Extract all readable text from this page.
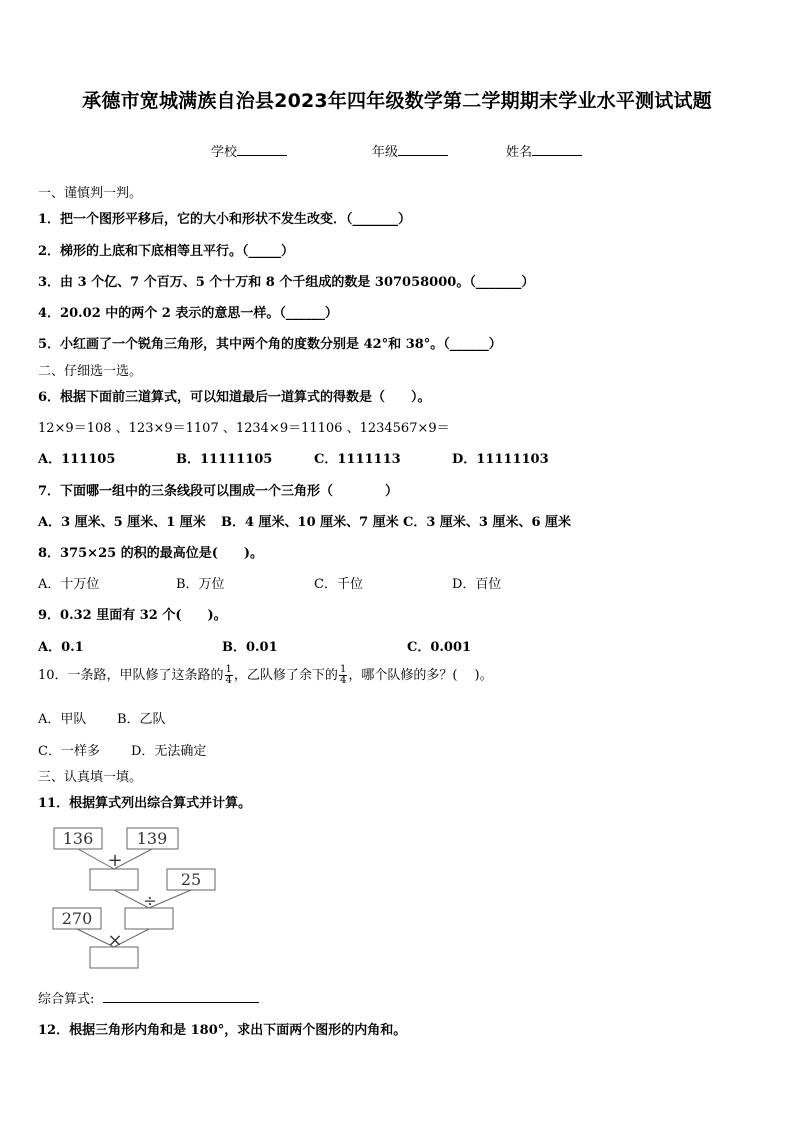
承德市宽城满族自治县2023年四年级数学第二学期期末学业水平测试试题
学校	年级	姓名
一、谨慎判一判。
1．把一个图形平移后，它的大小和形状不发生改变．（_______）
2．梯形的上底和下底相等且平行。（_____）
3．由 3 个亿、7 个百万、5 个十万和 8 个千组成的数是 307058000。（_______）
4．20.02 中的两个 2 表示的意思一样。（______）
5．小红画了一个锐角三角形，其中两个角的度数分别是 42°和 38°。（______）
二、仔细选一选。
6．根据下面前三道算式，可以知道最后一道算式的得数是（　　）。
12×9＝108 、123×9＝1107 、1234×9＝11106 、1234567×9＝
A．111105	B．11111105	C．1111113	D．11111103
7．下面哪一组中的三条线段可以围成一个三角形（　　　　）
A．3 厘米、5 厘米、1 厘米 B．4 厘米、10 厘米、7 厘米 C．3 厘米、3 厘米、6 厘米
8．375×25 的积的最高位是(　　)。
A．十万位	B．万位	C．千位	D．百位
9．0.32 里面有 32 个(　　)。
A．0.1	B．0.01	C．0.001
10．一条路，甲队修了这条路的 $\frac{1}{4}$ ，乙队修了余下的 $\frac{1}{4}$ ，哪个队修的多？(　 )。
A．甲队 B．乙队
C．一样多 D．无法确定
三、认真填一填。
11．根据算式列出综合算式并计算。
136	139
25
270
+
÷
×
综合算式:
12．根据三角形内角和是 180°，求出下面两个图形的内角和。
